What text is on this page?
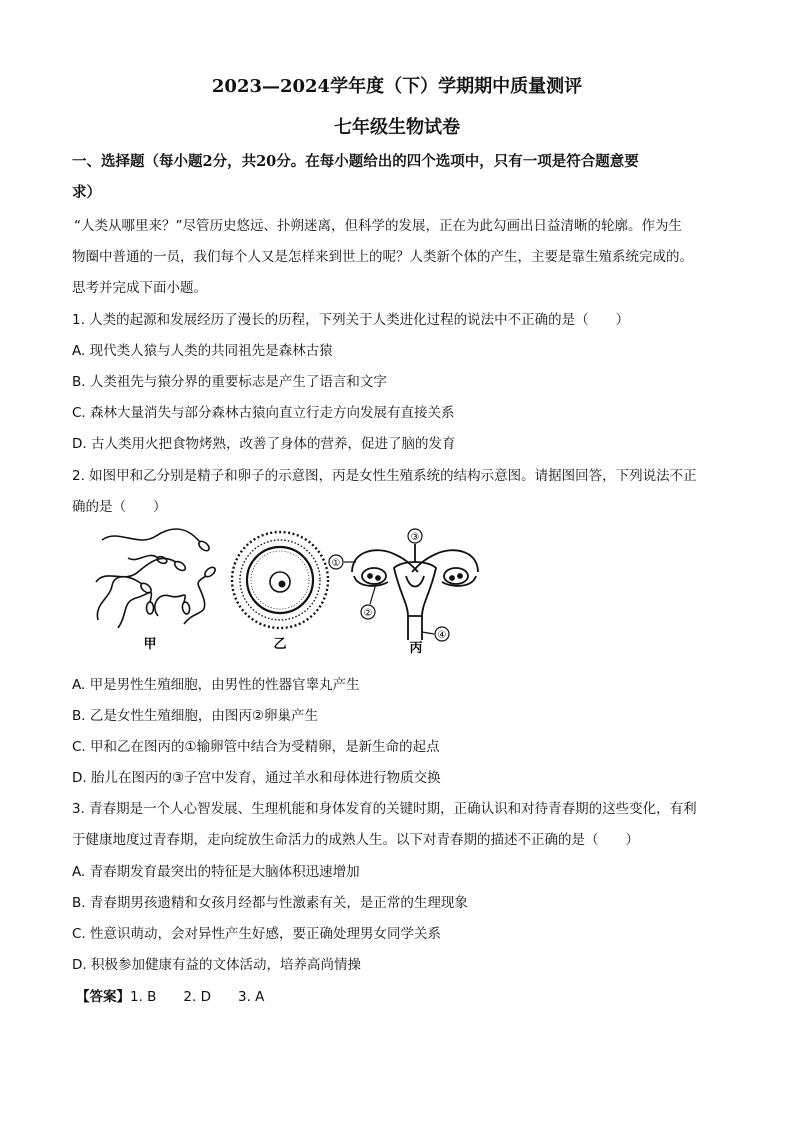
2023—2024学年度（下）学期期中质量测评
七年级生物试卷
一、选择题（每小题2分，共20分。在每小题给出的四个选项中，只有一项是符合题意要
求）
“人类从哪里来？”尽管历史悠远、扑朔迷离，但科学的发展，正在为此勾画出日益清晰的轮廓。作为生
物圈中普通的一员，我们每个人又是怎样来到世上的呢？人类新个体的产生，主要是靠生殖系统完成的。
思考并完成下面小题。
1. 人类的起源和发展经历了漫长的历程，下列关于人类进化过程的说法中不正确的是（　　）
A. 现代类人猿与人类的共同祖先是森林古猿
B. 人类祖先与猿分界的重要标志是产生了语言和文字
C. 森林大量消失与部分森林古猿向直立行走方向发展有直接关系
D. 古人类用火把食物烤熟，改善了身体的营养，促进了脑的发育
2. 如图甲和乙分别是精子和卵子的示意图，丙是女性生殖系统的结构示意图。请据图回答，下列说法不正
确的是（　　）
甲	乙
①
②
③
④
丙
A. 甲是男性生殖细胞，由男性的性器官睾丸产生
B. 乙是女性生殖细胞，由图丙②卵巢产生
C. 甲和乙在图丙的①输卵管中结合为受精卵，是新生命的起点
D. 胎儿在图丙的③子宫中发育，通过羊水和母体进行物质交换
3. 青春期是一个人心智发展、生理机能和身体发育的关键时期，正确认识和对待青春期的这些变化，有利
于健康地度过青春期，走向绽放生命活力的成熟人生。以下对青春期的描述不正确的是（　　）
A. 青春期发育最突出的特征是大脑体积迅速增加
B. 青春期男孩遗精和女孩月经都与性激素有关，是正常的生理现象
C. 性意识萌动，会对异性产生好感，要正确处理男女同学关系
D. 积极参加健康有益的文体活动，培养高尚情操
【答案】1. B　　2. D　　3. A
